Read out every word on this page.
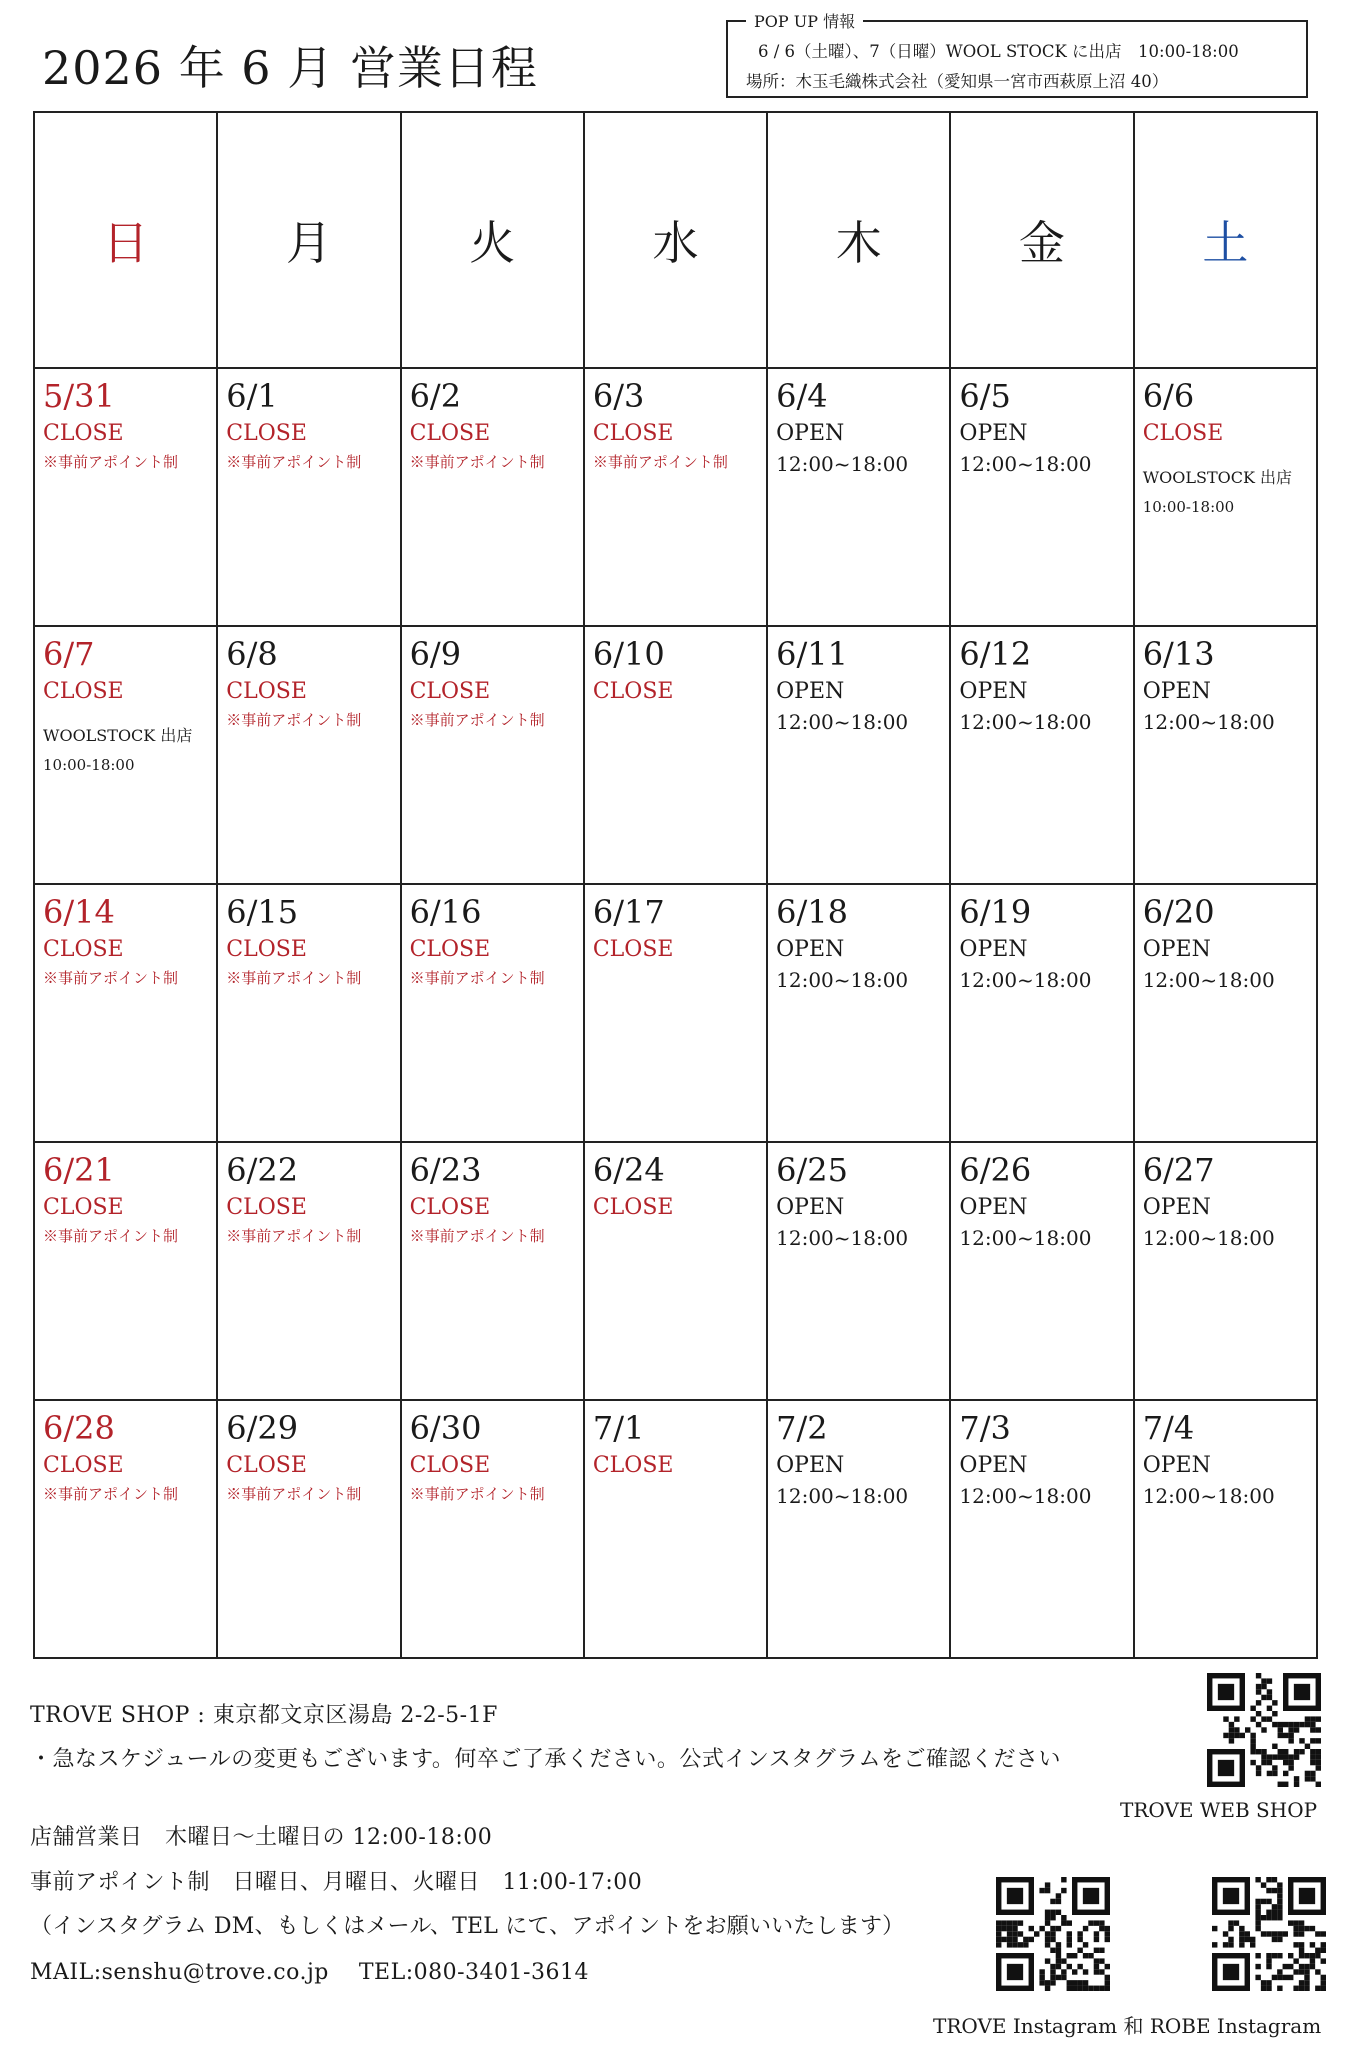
2026 年 6 月 営業日程
POP UP 情報
6 / 6（土曜）、7（日曜）WOOL STOCK に出店　10:00-18:00
場所：木玉毛織株式会社（愛知県一宮市西萩原上沼 40）
日	月	火	水	木	金	土

5/31
CLOSE
※事前アポイント制	6/1
CLOSE
※事前アポイント制	6/2
CLOSE
※事前アポイント制	6/3
CLOSE
※事前アポイント制	6/4
OPEN
12:00~18:00	6/5
OPEN
12:00~18:00	6/6
CLOSE
WOOLSTOCK 出店
10:00-18:00

6/7
CLOSE
WOOLSTOCK 出店
10:00-18:00	6/8
CLOSE
※事前アポイント制	6/9
CLOSE
※事前アポイント制	6/10
CLOSE	6/11
OPEN
12:00~18:00	6/12
OPEN
12:00~18:00	6/13
OPEN
12:00~18:00

6/14
CLOSE
※事前アポイント制	6/15
CLOSE
※事前アポイント制	6/16
CLOSE
※事前アポイント制	6/17
CLOSE	6/18
OPEN
12:00~18:00	6/19
OPEN
12:00~18:00	6/20
OPEN
12:00~18:00

6/21
CLOSE
※事前アポイント制	6/22
CLOSE
※事前アポイント制	6/23
CLOSE
※事前アポイント制	6/24
CLOSE	6/25
OPEN
12:00~18:00	6/26
OPEN
12:00~18:00	6/27
OPEN
12:00~18:00

6/28
CLOSE
※事前アポイント制	6/29
CLOSE
※事前アポイント制	6/30
CLOSE
※事前アポイント制	7/1
CLOSE	7/2
OPEN
12:00~18:00	7/3
OPEN
12:00~18:00	7/4
OPEN
12:00~18:00
TROVE SHOP : 東京都文京区湯島 2-2-5-1F
・急なスケジュールの変更もございます。何卒ご了承ください。公式インスタグラムをご確認ください
店舗営業日　木曜日〜土曜日の 12:00-18:00
事前アポイント制　日曜日、月曜日、火曜日　11:00-17:00
（インスタグラム DM、もしくはメール、TEL にて、アポイントをお願いいたします）
MAIL:senshu@trove.co.jp　 TEL:080-3401-3614
TROVE WEB SHOP
TROVE Instagram 和 ROBE Instagram
